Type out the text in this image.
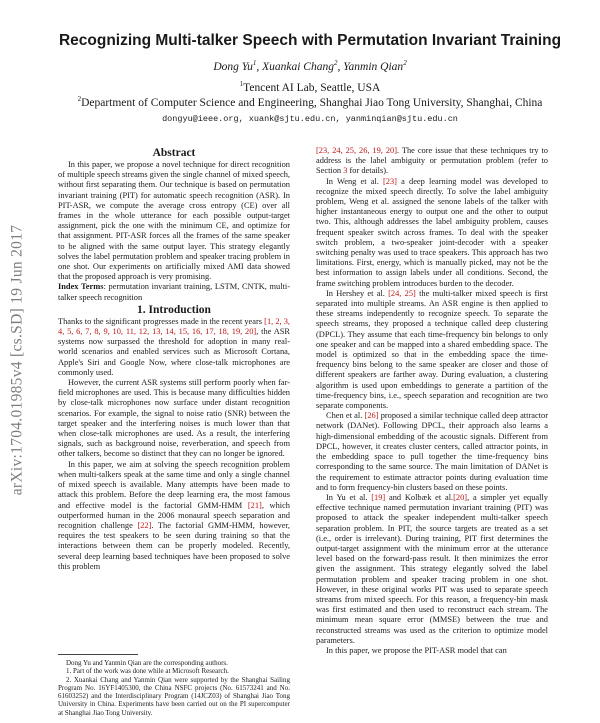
arXiv:1704.01985v4 [cs.SD] 19 Jun 2017
Recognizing Multi-talker Speech with Permutation Invariant Training
Dong Yu$^1$, Xuankai Chang$^2$, Yanmin Qian$^2$
$^1$Tencent AI Lab, Seattle, USA
$^2$Department of Computer Science and Engineering, Shanghai Jiao Tong University, Shanghai, China
dongyu@ieee.org, xuank@sjtu.edu.cn, yanminqian@sjtu.edu.cn
Abstract

In this paper, we propose a novel technique for direct recognition of multiple speech streams given the single channel of mixed speech, without first separating them. Our technique is based on permutation invariant training (PIT) for automatic speech recognition (ASR). In PIT-ASR, we compute the average cross entropy (CE) over all frames in the whole utterance for each possible output-target assignment, pick the one with the minimum CE, and optimize for that assignment. PIT-ASR forces all the frames of the same speaker to be aligned with the same output layer. This strategy elegantly solves the label permutation problem and speaker tracing problem in one shot. Our experiments on artificially mixed AMI data showed that the proposed approach is very promising.

Index Terms: permutation invariant training, LSTM, CNTK, multi-talker speech recognition

1. Introduction

Thanks to the significant progresses made in the recent years [1, 2, 3, 4, 5, 6, 7, 8, 9, 10, 11, 12, 13, 14, 15, 16, 17, 18, 19, 20], the ASR systems now surpassed the threshold for adoption in many real-world scenarios and enabled services such as Microsoft Cortana, Apple's Siri and Google Now, where close-talk microphones are commonly used.

However, the current ASR systems still perform poorly when far-field microphones are used. This is because many difficulties hidden by close-talk microphones now surface under distant recognition scenarios. For example, the signal to noise ratio (SNR) between the target speaker and the interfering noises is much lower than that when close-talk microphones are used. As a result, the interfering signals, such as background noise, reverberation, and speech from other talkers, become so distinct that they can no longer be ignored.

In this paper, we aim at solving the speech recognition problem when multi-talkers speak at the same time and only a single channel of mixed speech is available. Many attempts have been made to attack this problem. Before the deep learning era, the most famous and effective model is the factorial GMM-HMM [21], which outperformed human in the 2006 monaural speech separation and recognition challenge [22]. The factorial GMM-HMM, however, requires the test speakers to be seen during training so that the interactions between them can be properly modeled. Recently, several deep learning based techniques have been proposed to solve this problem

[23, 24, 25, 26, 19, 20]. The core issue that these techniques try to address is the label ambiguity or permutation problem (refer to Section 3 for details).

In Weng et al. [23] a deep learning model was developed to recognize the mixed speech directly. To solve the label ambiguity problem, Weng et al. assigned the senone labels of the talker with higher instantaneous energy to output one and the other to output two. This, although addresses the label ambiguity problem, causes frequent speaker switch across frames. To deal with the speaker switch problem, a two-speaker joint-decoder with a speaker switching penalty was used to trace speakers. This approach has two limitations. First, energy, which is manually picked, may not be the best information to assign labels under all conditions. Second, the frame switching problem introduces burden to the decoder.

In Hershey et al. [24, 25] the multi-talker mixed speech is first separated into multiple streams. An ASR engine is then applied to these streams independently to recognize speech. To separate the speech streams, they proposed a technique called deep clustering (DPCL). They assume that each time-frequency bin belongs to only one speaker and can be mapped into a shared embedding space. The model is optimized so that in the embedding space the time-frequency bins belong to the same speaker are closer and those of different speakers are farther away. During evaluation, a clustering algorithm is used upon embeddings to generate a partition of the time-frequency bins, i.e., speech separation and recognition are two separate components.

Chen et al. [26] proposed a similar technique called deep attractor network (DANet). Following DPCL, their approach also learns a high-dimensional embedding of the acoustic signals. Different from DPCL, however, it creates cluster centers, called attractor points, in the embedding space to pull together the time-frequency bins corresponding to the same source. The main limitation of DANet is the requirement to estimate attractor points during evaluation time and to form frequency-bin clusters based on these points.

In Yu et al. [19] and Kolbæk et al.[20], a simpler yet equally effective technique named permutation invariant training (PIT) was proposed to attack the speaker independent multi-talker speech separation problem. In PIT, the source targets are treated as a set (i.e., order is irrelevant). During training, PIT first determines the output-target assignment with the minimum error at the utterance level based on the forward-pass result. It then minimizes the error given the assignment. This strategy elegantly solved the label permutation problem and speaker tracing problem in one shot. However, in these original works PIT was used to separate speech streams from mixed speech. For this reason, a frequency-bin mask was first estimated and then used to reconstruct each stream. The minimum mean square error (MMSE) between the true and reconstructed streams was used as the criterion to optimize model parameters.

In this paper, we propose the PIT-ASR model that can

Dong Yu and Yanmin Qian are the corresponding authors.

1. Part of the work was done while at Microsoft Research.

2. Xuankai Chang and Yanmin Qian were supported by the Shanghai Sailing Program No. 16YF1405300, the China NSFC projects (No. 61573241 and No. 61603252) and the Interdisciplinary Program (14JCZ03) of Shanghai Jiao Tong University in China. Experiments have been carried out on the PI supercomputer at Shanghai Jiao Tong University.
